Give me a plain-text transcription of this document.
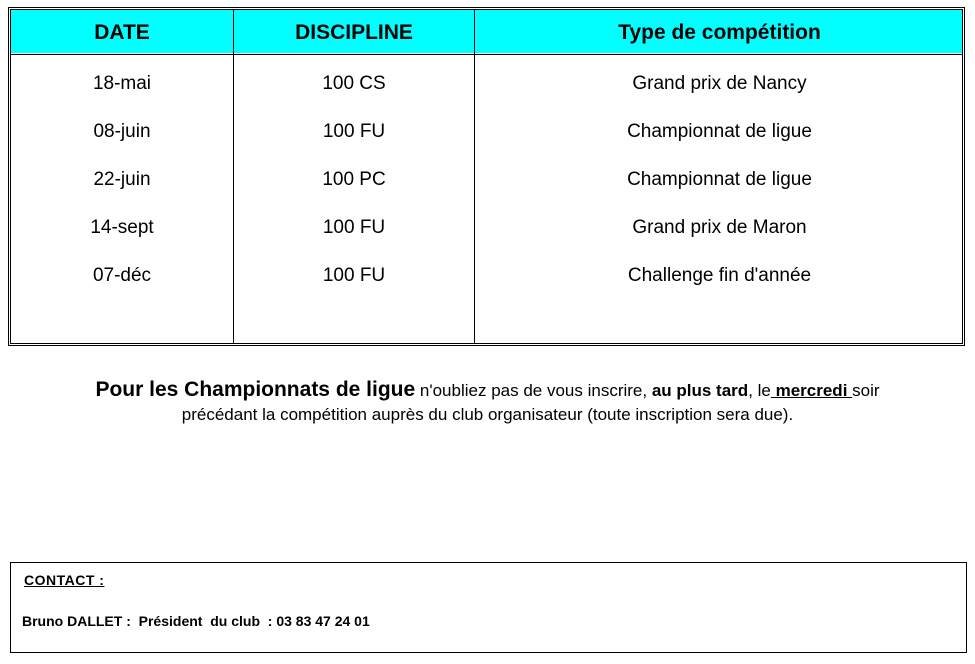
DATE	DISCIPLINE	Type de compétition
18-mai	100 CS	Grand prix de Nancy
08-juin	100 FU	Championnat de ligue
22-juin	100 PC	Championnat de ligue
14-sept	100 FU	Grand prix de Maron
07-déc	100 FU	Challenge fin d'année
Pour les Championnats de ligue n'oubliez pas de vous inscrire, au plus tard, le mercredi soir
précédant la compétition auprès du club organisateur (toute inscription sera due).
CONTACT :
Bruno DALLET :  Président  du club  : 03 83 47 24 01
